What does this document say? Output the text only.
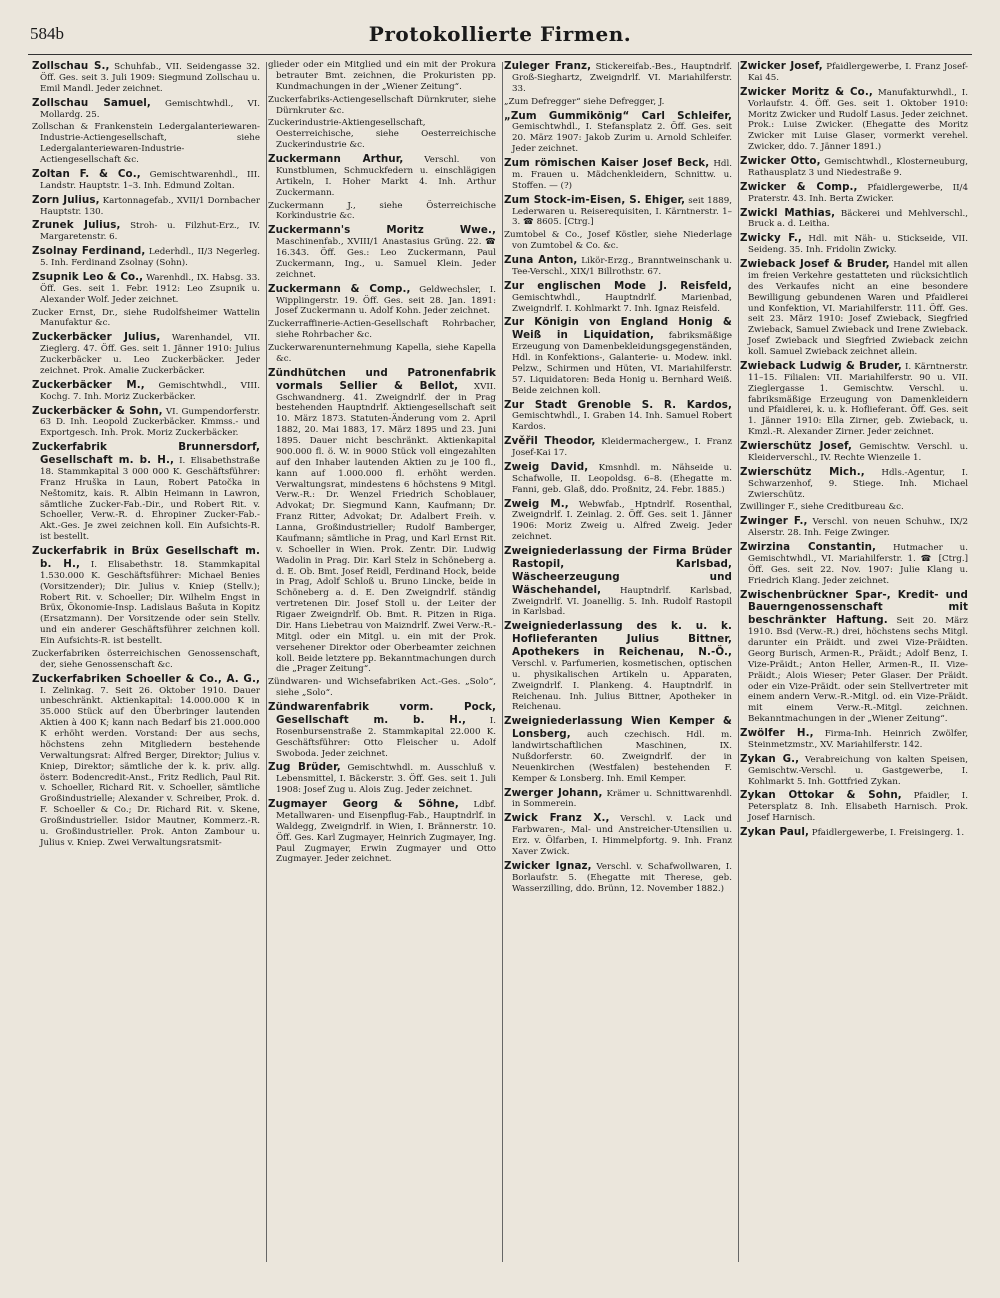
584b	Protokollierte Firmen.

Zollschau S., Schuhfab., VII. Seidengasse 32. Öff. Ges. seit 3. Juli 1909: Siegmund Zollschau u. Emil Mandl. Jeder zeichnet.

Zollschau Samuel, Gemischtwhdl., VI. Mollardg. 25.

Zollschan & Frankenstein Ledergalanteriewaren-Industrie-Actiengesellschaft, siehe Ledergalanteriewaren-Industrie-Actiengesellschaft &c.

Zoltan F. & Co., Gemischtwarenhdl., III. Landstr. Hauptstr. 1–3. Inh. Edmund Zoltan.

Zorn Julius, Kartonnagefab., XVII/1 Dornbacher Hauptstr. 130.

Zrunek Julius, Stroh- u. Filzhut-Erz., IV. Margaretenstr. 6.

Zsolnay Ferdinand, Lederhdl., II/3 Negerleg. 5. Inh. Ferdinand Zsolnay (Sohn).

Zsupnik Leo & Co., Warenhdl., IX. Habsg. 33. Öff. Ges. seit 1. Febr. 1912: Leo Zsupnik u. Alexander Wolf. Jeder zeichnet.

Zucker Ernst, Dr., siehe Rudolfsheimer Wattelin Manufaktur &c.

Zuckerbäcker Julius, Warenhandel, VII. Zieglerg. 47. Öff. Ges. seit 1. Jänner 1910: Julius Zuckerbäcker u. Leo Zuckerbäcker. Jeder zeichnet. Prok. Amalie Zuckerbäcker.

Zuckerbäcker M., Gemischtwhdl., VIII. Kochg. 7. Inh. Moriz Zuckerbäcker.

Zuckerbäcker & Sohn, VI. Gumpendorferstr. 63 D. Inh. Leopold Zuckerbäcker. Kmmss.- und Exportgesch. Inh. Prok. Moriz Zuckerbäcker.

Zuckerfabrik Brunnersdorf, Gesellschaft m. b. H., I. Elisabethstraße 18. Stammkapital 3 000 000 K. Geschäftsführer: Franz Hruška in Laun, Robert Patočka in Neštomitz, kais. R. Albin Heimann in Lawron, sämtliche Zucker-Fab.-Dir., und Robert Rit. v. Schoeller, Verw.-R. d. Ehropiner Zucker-Fab.-Akt.-Ges. Je zwei zeichnen koll. Ein Aufsichts-R. ist bestellt.

Zuckerfabrik in Brüx Gesellschaft m. b. H., I. Elisabethstr. 18. Stammkapital 1.530.000 K. Geschäftsführer: Michael Benies (Vorsitzender); Dir. Julius v. Kniep (Stellv.); Robert Rit. v. Schoeller; Dir. Wilhelm Engst in Brüx, Ökonomie-Insp. Ladislaus Bašuta in Kopitz (Ersatzmann). Der Vorsitzende oder sein Stellv. und ein anderer Geschäftsführer zeichnen koll. Ein Aufsichts-R. ist bestellt.

Zuckerfabriken österreichischen Genossenschaft, der, siehe Genossenschaft &c.

Zuckerfabriken Schoeller & Co., A. G., I. Zelinkag. 7. Seit 26. Oktober 1910. Dauer unbeschränkt. Aktienkapital: 14.000.000 K in 35.000 Stück auf den Überbringer lautenden Aktien à 400 K; kann nach Bedarf bis 21.000.000 K erhöht werden. Vorstand: Der aus sechs, höchstens zehn Mitgliedern bestehende Verwaltungsrat: Alfred Berger, Direktor; Julius v. Kniep, Direktor; sämtliche der k. k. priv. allg. österr. Bodencredit-Anst., Fritz Redlich, Paul Rit. v. Schoeller, Richard Rit. v. Schoeller, sämtliche Großindustrielle; Alexander v. Schreiber, Prok. d. F. Schoeller & Co.; Dr. Richard Rit. v. Skene, Großindustrieller. Isidor Mautner, Kommerz.-R. u. Großindustrieller. Prok. Anton Zambour u. Julius v. Kniep. Zwei Verwaltungsratsmit-

glieder oder ein Mitglied und ein mit der Prokura betrauter Bmt. zeichnen, die Prokuristen pp. Kundmachungen in der „Wiener Zeitung“.

Zuckerfabriks-Actiengesellschaft Dürnkruter, siehe Dürnkruter &c.

Zuckerindustrie-Aktiengesellschaft, Oesterreichische, siehe Oesterreichische Zuckerindustrie &c.

Zuckermann Arthur, Verschl. von Kunstblumen, Schmuckfedern u. einschlägigen Artikeln, I. Hoher Markt 4. Inh. Arthur Zuckermann.

Zuckermann J., siehe Österreichische Korkindustrie &c.

Zuckermann's Moritz Wwe., Maschinenfab., XVIII/1 Anastasius Grüng. 22. ☎ 16.343. Öff. Ges.: Leo Zuckermann, Paul Zuckermann, Ing., u. Samuel Klein. Jeder zeichnet.

Zuckermann & Comp., Geldwechsler, I. Wipplingerstr. 19. Öff. Ges. seit 28. Jan. 1891: Josef Zuckermann u. Adolf Kohn. Jeder zeichnet.

Zuckerraffinerie-Actien-Gesellschaft Rohrbacher, siehe Rohrbacher &c.

Zuckerwarenunternehmung Kapella, siehe Kapella &c.

Zündhütchen und Patronenfabrik vormals Sellier & Bellot, XVII. Gschwandnerg. 41. Zweigndrlf. der in Prag bestehenden Hauptndrlf. Aktiengesellschaft seit 10. März 1873. Statuten-Änderung vom 2. April 1882, 20. Mai 1883, 17. März 1895 und 23. Juni 1895. Dauer nicht beschränkt. Aktienkapital 900.000 fl. ö. W. in 9000 Stück voll eingezahlten auf den Inhaber lautenden Aktien zu je 100 fl., kann auf 1.000.000 fl. erhöht werden. Verwaltungsrat, mindestens 6 höchstens 9 Mitgl. Verw.-R.: Dr. Wenzel Friedrich Schoblauer, Advokat; Dr. Siegmund Kann, Kaufmann; Dr. Franz Ritter, Advokat; Dr. Adalbert Freih. v. Lanna, Großindustrieller; Rudolf Bamberger, Kaufmann; sämtliche in Prag, und Karl Ernst Rit. v. Schoeller in Wien. Prok. Zentr. Dir. Ludwig Wadolin in Prag. Dir. Karl Stelz in Schöneberg a. d. E. Ob. Bmt. Josef Reidl, Ferdinand Hock, beide in Prag, Adolf Schloß u. Bruno Lincke, beide in Schöneberg a. d. E. Den Zweigndrlf. ständig vertretenen Dir. Josef Stoll u. der Leiter der Rigaer Zweigndrlf. Ob. Bmt. R. Pitzen in Riga. Dir. Hans Liebetrau von Maizndrlf. Zwei Verw.-R.-Mitgl. oder ein Mitgl. u. ein mit der Prok. versehener Direktor oder Oberbeamter zeichnen koll. Beide letztere pp. Bekanntmachungen durch die „Prager Zeitung“.

Zündwaren- und Wichsefabriken Act.-Ges. „Solo“, siehe „Solo“.

Zündwarenfabrik vorm. Pock, Gesellschaft m. b. H.,	I. Rosenbursenstraße 2. Stammkapital 22.000 K. Geschäftsführer: Otto Fleischer u. Adolf Swoboda. Jeder zeichnet.

Zug Brüder, Gemischtwhdl. m. Ausschluß v. Lebensmittel, I. Bäckerstr. 3. Öff. Ges. seit 1. Juli 1908: Josef Zug u. Alois Zug. Jeder zeichnet.

Zugmayer Georg & Söhne, Ldbf. Metallwaren- und Eisenpflug-Fab., Hauptndrlf. in Waldegg, Zweigndrlf. in Wien, I. Brännerstr. 10. Öff. Ges. Karl Zugmayer, Heinrich Zugmayer, Ing. Paul Zugmayer, Erwin Zugmayer und Otto Zugmayer. Jeder zeichnet.

Zuleger Franz, Stickereifab.-Bes., Hauptndrlf. Groß-Sieghartz, Zweigndrlf. VI. Mariahilferstr. 33.

„Zum Defregger“ siehe Defregger, J.

„Zum Gummikönig“ Carl Schleifer, Gemischtwhdl., I. Stefansplatz 2. Öff. Ges. seit 20. März 1907: Jakob Zurim u. Arnold Schleifer. Jeder zeichnet.

Zum römischen Kaiser Josef Beck, Hdl. m. Frauen u. Mädchenkleidern, Schnittw. u. Stoffen. — (?)

Zum Stock-im-Eisen, S. Ehiger, seit 1889, Lederwaren u. Reiserequisiten, I. Kärntnerstr. 1–3. ☎ 8605. [Ctrg.]

Zumtobel & Co., Josef Köstler, siehe Niederlage von Zumtobel & Co. &c.

Zuna Anton, Likör-Erzg., Branntweinschank u. Tee-Verschl., XIX/1 Billrothstr. 67.

Zur englischen Mode J. Reisfeld, Gemischtwhdl., Hauptndrlf. Marienbad, Zweigndrlf. I. Kohlmarkt 7. Inh. Ignaz Reisfeld.

Zur Königin von England Honig & Weiß in Liquidation, fabriksmäßige Erzeugung von Damenbekleidungsgegenständen, Hdl. in Konfektions-, Galanterie- u. Modew. inkl. Pelzw., Schirmen und Hüten, VI. Mariahilferstr. 57. Liquidatoren: Beda Honig u. Bernhard Weiß. Beide zeichnen koll.

Zur Stadt Grenoble S. R. Kardos, Gemischtwhdl., I. Graben 14. Inh. Samuel Robert Kardos.

Zvěřil Theodor, Kleidermachergew., I. Franz Josef-Kai 17.

Zweig David, Kmsnhdl. m. Nähseide u. Schafwolle, II. Leopoldsg. 6–8. (Ehegatte m. Fanni, geb. Glaß, ddo. Proßnitz, 24. Febr. 1885.)

Zweig M., Webwfab., Hptndrlf. Rosenthal, Zweigndrlf. I. Zeinlag. 2. Öff. Ges. seit 1. Jänner 1906: Moriz Zweig u. Alfred Zweig. Jeder zeichnet.

Zweigniederlassung der Firma Brüder Rastopil, Karlsbad, Wäscheerzeugung und Wäschehandel, Hauptndrlf. Karlsbad, Zweigndrlf. VI. Joanellig. 5. Inh. Rudolf Rastopil in Karlsbad.

Zweigniederlassung des k. u. k. Hoflieferanten Julius Bittner, Apothekers in Reichenau, N.-Ö., Verschl. v. Parfumerien, kosmetischen, optischen u. physikalischen Artikeln u. Apparaten, Zweigndrlf. I. Plankeng. 4. Hauptndrlf. in Reichenau. Inh. Julius Bittner, Apotheker in Reichenau.

Zweigniederlassung Wien Kemper & Lonsberg, auch czechisch. Hdl. m. landwirtschaftlichen Maschinen, IX. Nußdorferstr. 60. Zweigndrlf. der in Neuenkirchen (Westfalen) bestehenden F. Kemper & Lonsberg. Inh. Emil Kemper.

Zwerger Johann, Krämer u. Schnittwarenhdl. in Sommerein.

Zwick Franz X., Verschl. v. Lack und Farbwaren-, Mal- und Anstreicher-Utensilien u. Erz. v. Ölfarben, I. Himmelpfortg. 9. Inh. Franz Xaver Zwick.

Zwicker Ignaz, Verschl. v. Schafwollwaren, I. Borlaufstr. 5. (Ehegatte mit Therese, geb. Wasserzilling, ddo. Brünn, 12. November 1882.)

Zwicker Josef, Pfaidlergewerbe, I. Franz Josef-Kai 45.

Zwicker Moritz & Co., Manufakturwhdl., I. Vorlaufstr. 4. Öff. Ges. seit 1. Oktober 1910: Moritz Zwicker und Rudolf Lasus. Jeder zeichnet. Prok.: Luise Zwicker. (Ehegatte des Moritz Zwicker mit Luise Glaser, vormerkt verehel. Zwicker, ddo. 7. Jänner 1891.)

Zwicker Otto, Gemischtwhdl., Klosterneuburg, Rathausplatz 3 und Niedestraße 9.

Zwicker & Comp., Pfaidlergewerbe, II/4 Praterstr. 43. Inh. Berta Zwicker.

Zwickl Mathias, Bäckerei und Mehlverschl., Bruck a. d. Leitha.

Zwicky F., Hdl. mit Näh- u. Stickseide, VII. Seideng. 35. Inh. Fridolin Zwicky.

Zwieback Josef & Bruder, Handel mit allen im freien Verkehre gestatteten und rücksichtlich des Verkaufes nicht an eine besondere Bewilligung gebundenen Waren und Pfaidlerei und Konfektion, VI. Mariahilferstr. 111. Öff. Ges. seit 23. März 1910: Josef Zwieback, Siegfried Zwieback, Samuel Zwieback und Irene Zwieback. Josef Zwieback und Siegfried Zwieback zeichn koll. Samuel Zwieback zeichnet allein.

Zwieback Ludwig & Bruder, I. Kärntnerstr. 11–15. Filialen: VII. Mariahilferstr. 90 u. VII. Zieglergasse 1. Gemischtw. Verschl. u. fabriksmäßige Erzeugung von Damenkleidern und Pfaidlerei, k. u. k. Hoflieferant. Öff. Ges. seit 1. Jänner 1910: Ella Zirner, geb. Zwieback, u. Kmzl.-R. Alexander Zirner. Jeder zeichnet.

Zwierschütz Josef, Gemischtw. Verschl. u. Kleiderverschl., IV. Rechte Wienzeile 1.

Zwierschütz Mich., Hdls.-Agentur, I. Schwarzenhof, 9. Stiege. Inh. Michael Zwierschütz.

Zwillinger F., siehe Creditbureau &c.

Zwinger F., Verschl. von neuen Schuhw., IX/2 Alserstr. 28. Inh. Feige Zwinger.

Zwirzina Constantin, Hutmacher u. Gemischtwhdl., VI. Mariahilferstr. 1. ☎ [Ctrg.] Öff. Ges. seit 22. Nov. 1907: Julie Klang u. Friedrich Klang. Jeder zeichnet.

Zwischenbrückner Spar-, Kredit- und Bauerngenossenschaft mit beschränkter Haftung. Seit 20. März 1910. Bsd (Verw.-R.) drei, höchstens sechs Mitgl. darunter ein Präidt. und zwei Vize-Präidten. Georg Burisch, Armen-R., Präidt.; Adolf Benz, I. Vize-Präidt.; Anton Heller, Armen-R., II. Vize-Präidt.; Alois Wieser; Peter Glaser. Der Präidt. oder ein Vize-Präidt. oder sein Stellvertreter mit einem andern Verw.-R.-Mitgl. od. ein Vize-Präidt. mit einem Verw.-R.-Mitgl. zeichnen. Bekanntmachungen in der „Wiener Zeitung“.

Zwölfer H., Firma-Inh. Heinrich Zwölfer, Steinmetzmstr., XV. Mariahilferstr. 142.

Zykan G., Verabreichung von kalten Speisen, Gemischtw.-Verschl. u. Gastgewerbe, I. Kohlmarkt 5. Inh. Gottfried Zykan.

Zykan Ottokar & Sohn, Pfaidler, I. Petersplatz 8. Inh. Elisabeth Harnisch. Prok. Josef Harnisch.

Zykan Paul, Pfaidlergewerbe, I. Freisingerg. 1.
